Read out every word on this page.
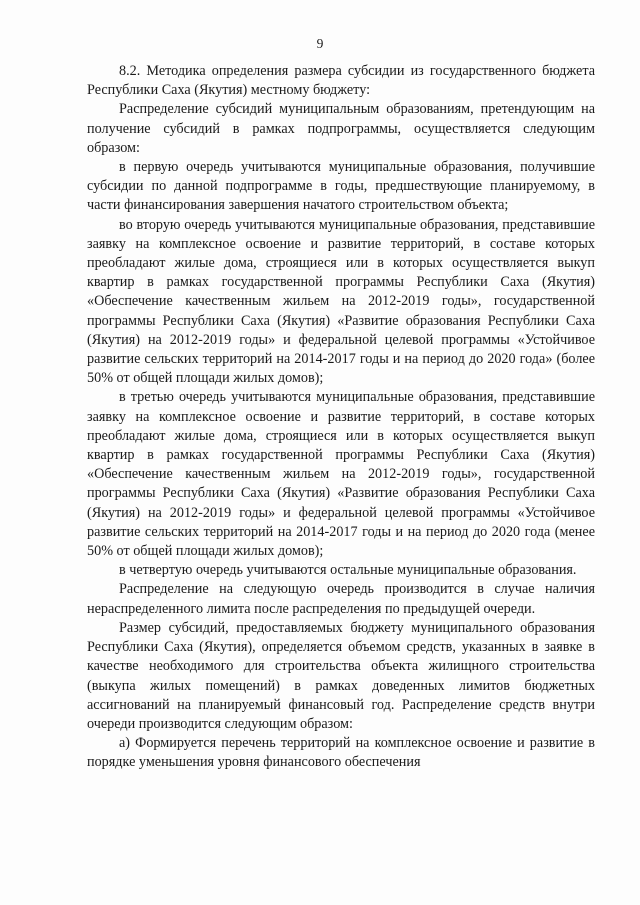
9

8.2. Методика определения размера субсидии из государственного бюджета Республики Саха (Якутия) местному бюджету:

Распределение субсидий муниципальным образованиям, претендующим на получение субсидий в рамках подпрограммы, осуществляется следующим образом:

в первую очередь учитываются муниципальные образования, получившие субсидии по данной подпрограмме в годы, предшествующие планируемому, в части финансирования завершения начатого строительством объекта;

во вторую очередь учитываются муниципальные образования, представившие заявку на комплексное освоение и развитие территорий, в составе которых преобладают жилые дома, строящиеся или в которых осуществляется выкуп квартир в рамках государственной программы Республики Саха (Якутия) «Обеспечение качественным жильем на 2012-2019 годы», государственной программы Республики Саха (Якутия) «Развитие образования Республики Саха (Якутия) на 2012-2019 годы» и федеральной целевой программы «Устойчивое развитие сельских территорий на 2014-2017 годы и на период до 2020 года» (более 50% от общей площади жилых домов);

в третью очередь учитываются муниципальные образования, представившие заявку на комплексное освоение и развитие территорий, в составе которых преобладают жилые дома, строящиеся или в которых осуществляется выкуп квартир в рамках государственной программы Республики Саха (Якутия) «Обеспечение качественным жильем на 2012-2019 годы», государственной программы Республики Саха (Якутия) «Развитие образования Республики Саха (Якутия) на 2012-2019 годы» и федеральной целевой программы «Устойчивое развитие сельских территорий на 2014-2017 годы и на период до 2020 года (менее 50% от общей площади жилых домов);

в четвертую очередь учитываются остальные муниципальные образования.

Распределение на следующую очередь производится в случае наличия нераспределенного лимита после распределения по предыдущей очереди.

Размер субсидий, предоставляемых бюджету муниципального образования Республики Саха (Якутия), определяется объемом средств, указанных в заявке в качестве необходимого для строительства объекта жилищного строительства (выкупа жилых помещений) в рамках доведенных лимитов бюджетных ассигнований на планируемый финансовый год. Распределение средств внутри очереди производится следующим образом:

а) Формируется перечень территорий на комплексное освоение и развитие в порядке уменьшения уровня финансового обеспечения
